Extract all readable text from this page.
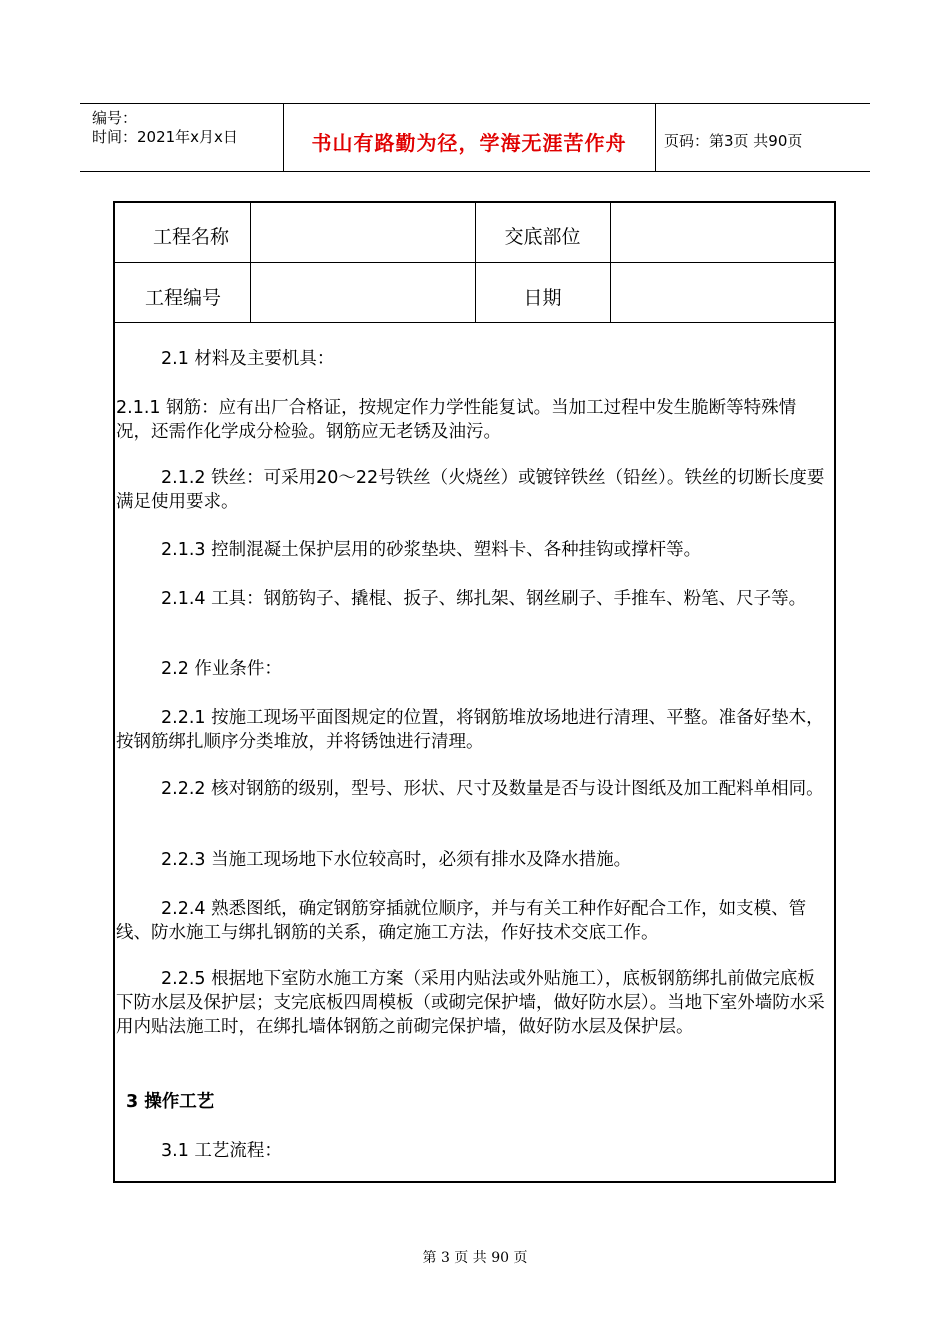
编号：
时间：2021年x月x日	书山有路勤为径，学海无涯苦作舟	页码：第3页 共90页
工程名称	交底部位
工程编号	日期
2.1 材料及主要机具：
2.1.1 钢筋：应有出厂合格证，按规定作力学性能复试。当加工过程中发生脆断等特殊情况，还需作化学成分检验。钢筋应无老锈及油污。
2.1.2 铁丝：可采用20～22号铁丝（火烧丝）或镀锌铁丝（铅丝）。铁丝的切断长度要满足使用要求。
2.1.3 控制混凝土保护层用的砂浆垫块、塑料卡、各种挂钩或撑杆等。
2.1.4 工具：钢筋钩子、撬棍、扳子、绑扎架、钢丝刷子、手推车、粉笔、尺子等。
2.2 作业条件：
2.2.1 按施工现场平面图规定的位置，将钢筋堆放场地进行清理、平整。准备好垫木，按钢筋绑扎顺序分类堆放，并将锈蚀进行清理。
2.2.2 核对钢筋的级别，型号、形状、尺寸及数量是否与设计图纸及加工配料单相同。
2.2.3 当施工现场地下水位较高时，必须有排水及降水措施。
2.2.4 熟悉图纸，确定钢筋穿插就位顺序，并与有关工种作好配合工作，如支模、管线、防水施工与绑扎钢筋的关系，确定施工方法，作好技术交底工作。
2.2.5 根据地下室防水施工方案（采用内贴法或外贴施工），底板钢筋绑扎前做完底板下防水层及保护层；支完底板四周模板（或砌完保护墙，做好防水层）。当地下室外墙防水采用内贴法施工时，在绑扎墙体钢筋之前砌完保护墙，做好防水层及保护层。
3 操作工艺
3.1 工艺流程：
第 3 页 共 90 页
